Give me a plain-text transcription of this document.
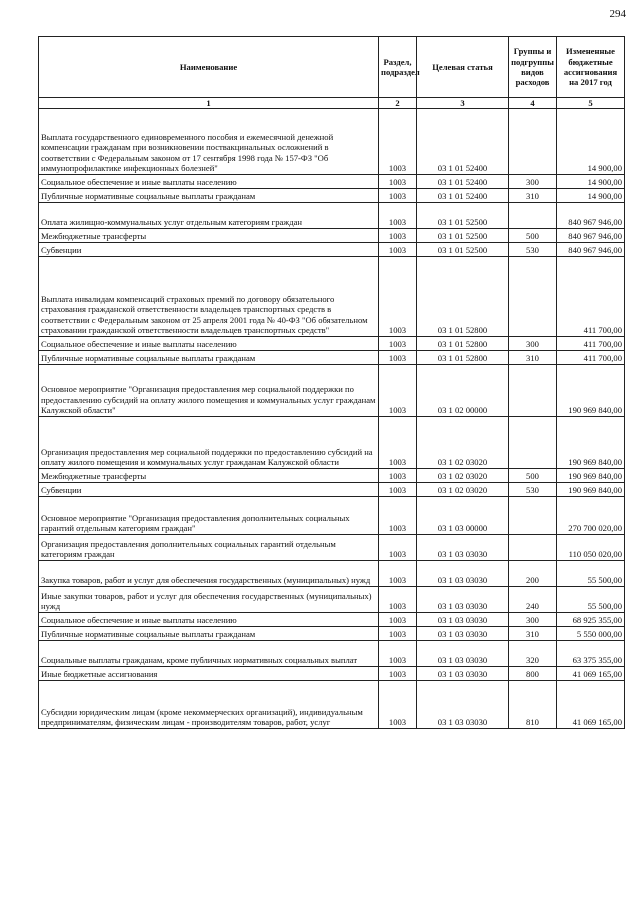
294
Наименование	Раздел, подраздел	Целевая статья	Группы и подгруппы видов расходов	Измененные бюджетные ассигнования на 2017 год
1	2	3	4	5
Выплата государственного единовременного пособия и ежемесячной денежной компенсации гражданам при возникновении поствакцинальных осложнений в соответствии с Федеральным законом от 17 сентября 1998 года № 157-ФЗ "Об иммунопрофилактике инфекционных болезней"	1003	03 1 01 52400		14 900,00
Социальное обеспечение и иные выплаты населению	1003	03 1 01 52400	300	14 900,00
Публичные нормативные социальные выплаты гражданам	1003	03 1 01 52400	310	14 900,00
Оплата жилищно-коммунальных услуг отдельным категориям граждан	1003	03 1 01 52500		840 967 946,00
Межбюджетные трансферты	1003	03 1 01 52500	500	840 967 946,00
Субвенции	1003	03 1 01 52500	530	840 967 946,00
Выплата инвалидам компенсаций страховых премий по договору обязательного страхования гражданской ответственности владельцев транспортных средств в соответствии с Федеральным законом от 25 апреля 2001 года № 40-ФЗ "Об обязательном страховании гражданской ответственности владельцев транспортных средств"	1003	03 1 01 52800		411 700,00
Социальное обеспечение и иные выплаты населению	1003	03 1 01 52800	300	411 700,00
Публичные нормативные социальные выплаты гражданам	1003	03 1 01 52800	310	411 700,00
Основное мероприятие "Организация предоставления мер социальной поддержки по предоставлению субсидий на оплату жилого помещения и коммунальных услуг гражданам Калужской области"	1003	03 1 02 00000		190 969 840,00
Организация предоставления мер социальной поддержки по предоставлению субсидий на оплату жилого помещения и коммунальных услуг гражданам Калужской области	1003	03 1 02 03020		190 969 840,00
Межбюджетные трансферты	1003	03 1 02 03020	500	190 969 840,00
Субвенции	1003	03 1 02 03020	530	190 969 840,00
Основное мероприятие "Организация предоставления дополнительных социальных гарантий отдельным категориям граждан"	1003	03 1 03 00000		270 700 020,00
Организация предоставления дополнительных социальных гарантий отдельным категориям граждан	1003	03 1 03 03030		110 050 020,00
Закупка товаров, работ и услуг для обеспечения государственных (муниципальных) нужд	1003	03 1 03 03030	200	55 500,00
Иные закупки товаров, работ и услуг для обеспечения государственных (муниципальных) нужд	1003	03 1 03 03030	240	55 500,00
Социальное обеспечение и иные выплаты населению	1003	03 1 03 03030	300	68 925 355,00
Публичные нормативные социальные выплаты гражданам	1003	03 1 03 03030	310	5 550 000,00
Социальные выплаты гражданам, кроме публичных нормативных социальных выплат	1003	03 1 03 03030	320	63 375 355,00
Иные бюджетные ассигнования	1003	03 1 03 03030	800	41 069 165,00
Субсидии юридическим лицам (кроме некоммерческих организаций), индивидуальным предпринимателям, физическим лицам - производителям товаров, работ, услуг	1003	03 1 03 03030	810	41 069 165,00
